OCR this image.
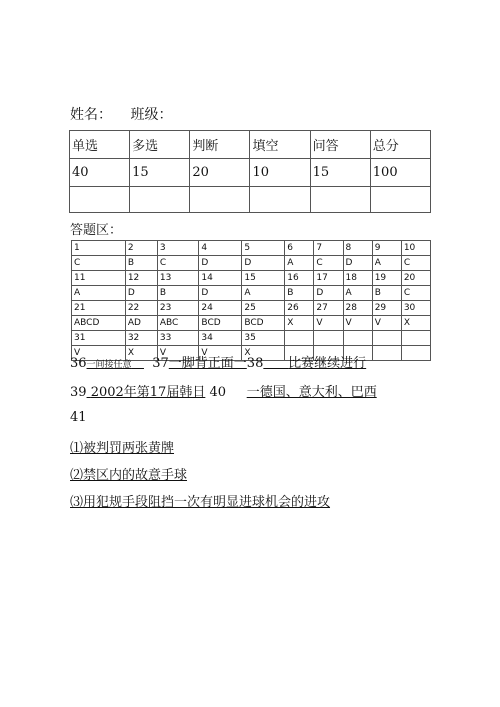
姓名： 班级：
单选	多选	判断	填空	问答	总分
40	15	20	10	15	100

答题区：
1	2	3	4	5	6	7	8	9	10
C	B	C	D	D	A	C	D	A	C
11	12	13	14	15	16	17	18	19	20
A	D	B	D	A	B	D	A	B	C
21	22	23	24	25	26	27	28	29	30
ABCD	AD	ABC	BCD	BCD	X	V	V	V	X
31	32	33	34	35					
V	X	V	V	X					
36一间接任意 37一脚背正面一38 比赛继续进行
39 2002年第17届韩日 40 一德国、意大利、巴西
41
⑴被判罚两张黄牌
⑵禁区内的故意手球
⑶用犯规手段阻挡一次有明显进球机会的进攻
